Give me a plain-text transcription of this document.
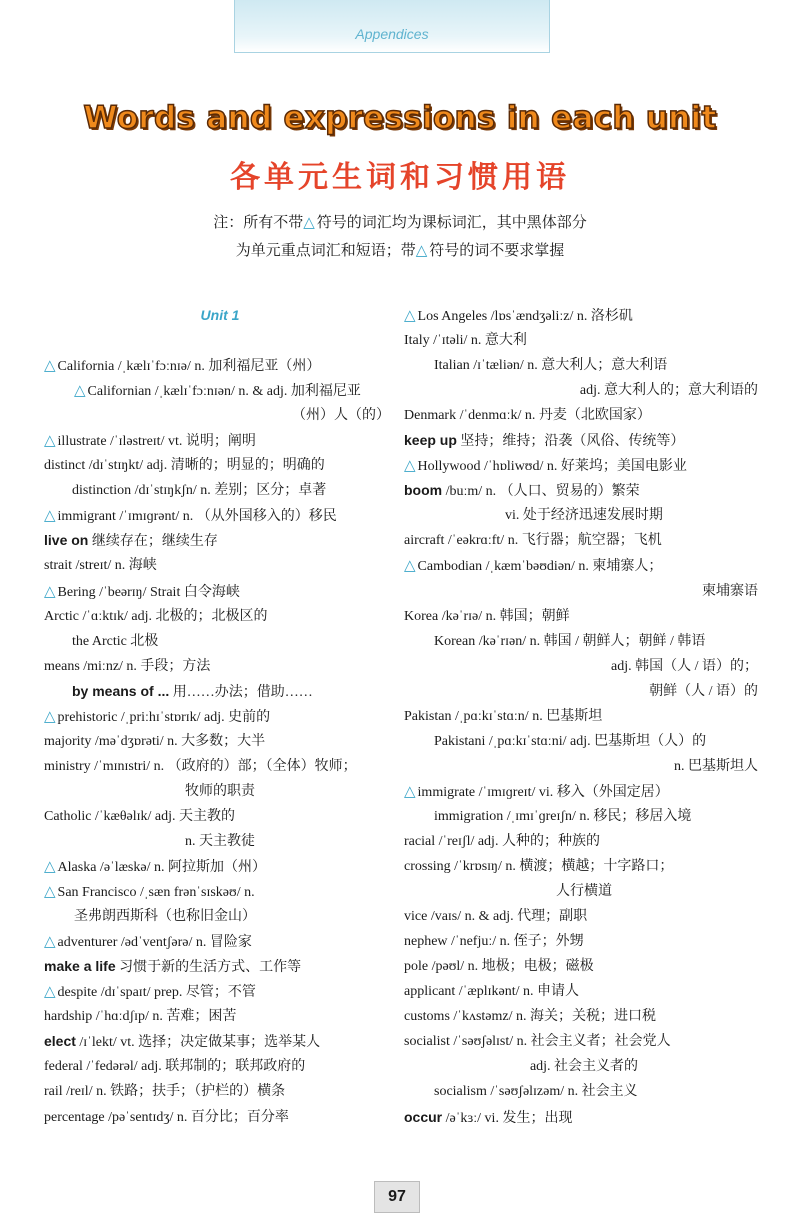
Appendices
Words and expressions in each unit
各单元生词和习惯用语
注：所有不带△ 符号的词汇均为课标词汇，其中黑体部分
为单元重点词汇和短语；带△ 符号的词不要求掌握
Unit 1
△ California /ˌkælɪˈfɔːnɪə/ n. 加利福尼亚（州）
△ Californian /ˌkælɪˈfɔːnɪən/ n. & adj. 加利福尼亚
（州）人（的）
△ illustrate /ˈɪləstreɪt/ vt. 说明；阐明
distinct /dɪˈstɪŋkt/ adj. 清晰的；明显的；明确的
distinction /dɪˈstɪŋkʃn/ n. 差别；区分；卓著
△ immigrant /ˈɪmɪɡrənt/ n. （从外国移入的）移民
live on 继续存在；继续生存
strait /streɪt/ n. 海峡
△ Bering /ˈbeərɪŋ/ Strait 白令海峡
Arctic /ˈɑːktɪk/ adj. 北极的；北极区的
the Arctic 北极
means /miːnz/ n. 手段；方法
by means of ... 用……办法；借助……
△ prehistoric /ˌpriːhɪˈstɒrɪk/ adj. 史前的
majority /məˈdʒɒrəti/ n. 大多数；大半
ministry /ˈmɪnɪstri/ n. （政府的）部；（全体）牧师；
牧师的职责
Catholic /ˈkæθəlɪk/ adj. 天主教的
n. 天主教徒
△ Alaska /əˈlæskə/ n. 阿拉斯加（州）
△ San Francisco /ˌsæn frənˈsɪskəʊ/ n.
圣弗朗西斯科（也称旧金山）
△ adventurer /ədˈventʃərə/ n. 冒险家
make a life 习惯于新的生活方式、工作等
△ despite /dɪˈspaɪt/ prep. 尽管；不管
hardship /ˈhɑːdʃɪp/ n. 苦难；困苦
elect /ɪˈlekt/ vt. 选择；决定做某事；选举某人
federal /ˈfedərəl/ adj. 联邦制的；联邦政府的
rail /reɪl/ n. 铁路；扶手；（护栏的）横条
percentage /pəˈsentɪdʒ/ n. 百分比；百分率
△ Los Angeles /lɒsˈændʒəliːz/ n. 洛杉矶
Italy /ˈɪtəli/ n. 意大利
Italian /ɪˈtæliən/ n. 意大利人；意大利语
adj. 意大利人的；意大利语的
Denmark /ˈdenmɑːk/ n. 丹麦（北欧国家）
keep up 坚持；维持；沿袭（风俗、传统等）
△ Hollywood /ˈhɒliwʊd/ n. 好莱坞；美国电影业
boom /buːm/ n. （人口、贸易的）繁荣
vi. 处于经济迅速发展时期
aircraft /ˈeəkrɑːft/ n. 飞行器；航空器；飞机
△ Cambodian /ˌkæmˈbəʊdiən/ n. 柬埔寨人；
柬埔寨语
Korea /kəˈrɪə/ n. 韩国；朝鲜
Korean /kəˈrɪən/ n. 韩国 / 朝鲜人；朝鲜 / 韩语
adj. 韩国（人 / 语）的；
朝鲜（人 / 语）的
Pakistan /ˌpɑːkɪˈstɑːn/ n. 巴基斯坦
Pakistani /ˌpɑːkɪˈstɑːni/ adj. 巴基斯坦（人）的
n. 巴基斯坦人
△ immigrate /ˈɪmɪɡreɪt/ vi. 移入（外国定居）
immigration /ˌɪmɪˈɡreɪʃn/ n. 移民；移居入境
racial /ˈreɪʃl/ adj. 人种的；种族的
crossing /ˈkrɒsɪŋ/ n. 横渡；横越；十字路口；
人行横道
vice /vaɪs/ n. & adj. 代理；副职
nephew /ˈnefjuː/ n. 侄子；外甥
pole /pəʊl/ n. 地极；电极；磁极
applicant /ˈæplɪkənt/ n. 申请人
customs /ˈkʌstəmz/ n. 海关；关税；进口税
socialist /ˈsəʊʃəlɪst/ n. 社会主义者；社会党人
adj. 社会主义者的
socialism /ˈsəʊʃəlɪzəm/ n. 社会主义
occur /əˈkɜː/ vi. 发生；出现
97
